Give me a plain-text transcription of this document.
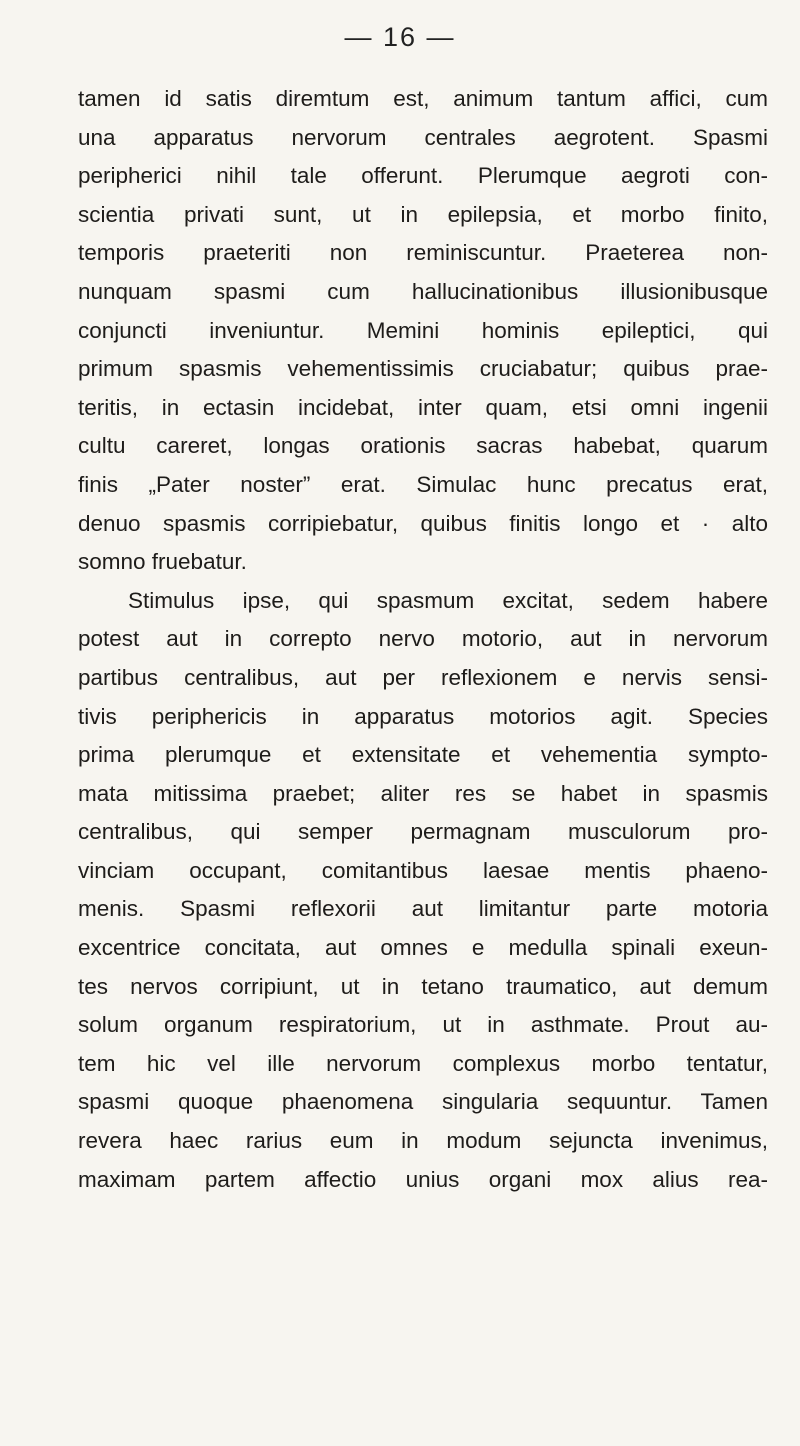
— 16 —
tamen id satis diremtum est, animum tantum affici, cum
una apparatus nervorum centrales aegrotent. Spasmi
peripherici nihil tale offerunt. Plerumque aegroti con-
scientia privati sunt, ut in epilepsia, et morbo finito,
temporis praeteriti non reminiscuntur. Praeterea non-
nunquam spasmi cum hallucinationibus illusionibusque
conjuncti inveniuntur. Memini hominis epileptici, qui
primum spasmis vehementissimis cruciabatur; quibus prae-
teritis, in ectasin incidebat, inter quam, etsi omni ingenii
cultu careret, longas orationis sacras habebat, quarum
finis „Pater noster” erat. Simulac hunc precatus erat,
denuo spasmis corripiebatur, quibus finitis longo et · alto
somno fruebatur.
Stimulus ipse, qui spasmum excitat, sedem habere
potest aut in correpto nervo motorio, aut in nervorum
partibus centralibus, aut per reflexionem e nervis sensi-
tivis periphericis in apparatus motorios agit. Species
prima plerumque et extensitate et vehementia sympto-
mata mitissima praebet; aliter res se habet in spasmis
centralibus, qui semper permagnam musculorum pro-
vinciam occupant, comitantibus laesae mentis phaeno-
menis. Spasmi reflexorii aut limitantur parte motoria
excentrice concitata, aut omnes e medulla spinali exeun-
tes nervos corripiunt, ut in tetano traumatico, aut demum
solum organum respiratorium, ut in asthmate. Prout au-
tem hic vel ille nervorum complexus morbo tentatur,
spasmi quoque phaenomena singularia sequuntur. Tamen
revera haec rarius eum in modum sejuncta invenimus,
maximam partem affectio unius organi mox alius rea-
